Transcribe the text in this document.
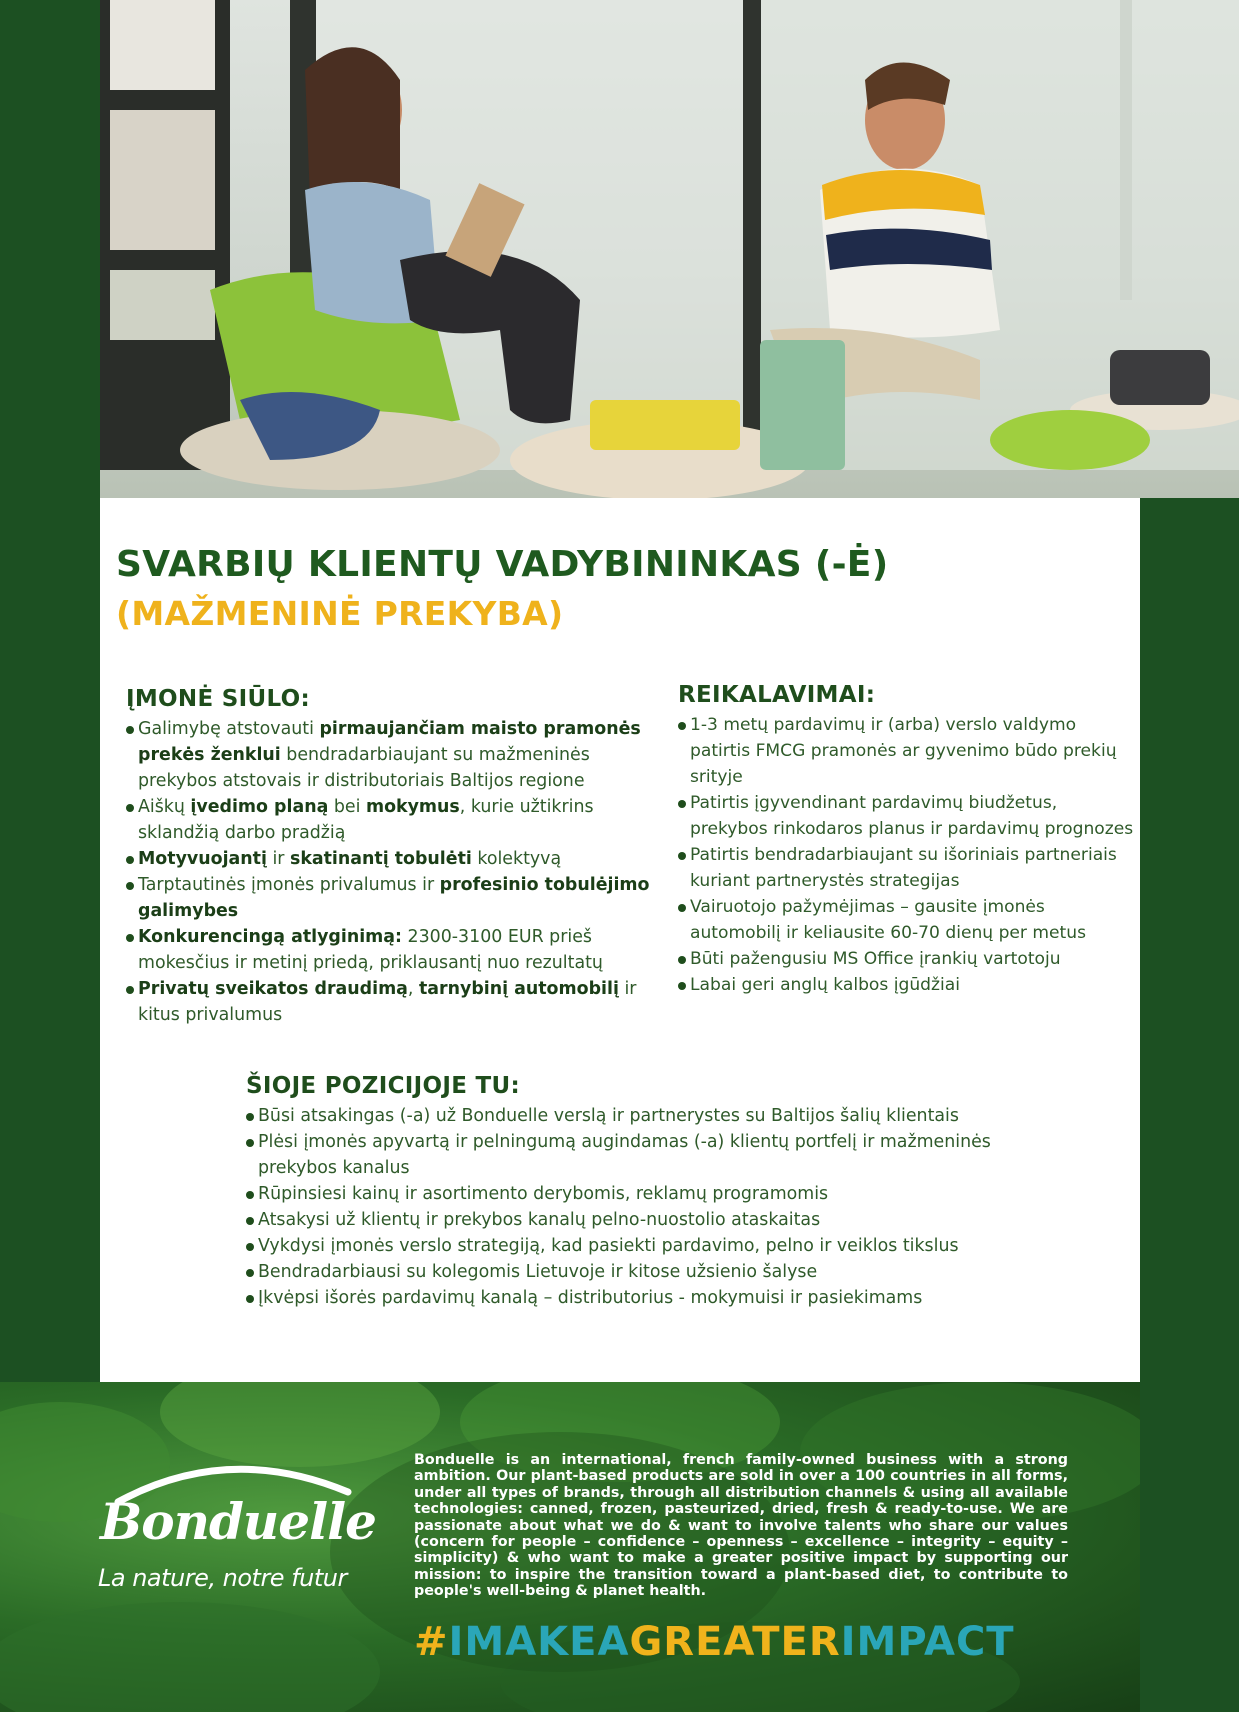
SVARBIŲ KLIENTŲ VADYBININKAS (-Ė)
(MAŽMENINĖ PREKYBA)
ĮMONĖ SIŪLO:
Galimybę atstovauti pirmaujančiam maisto pramonės prekės ženklui bendradarbiaujant su mažmeninės prekybos atstovais ir distributoriais Baltijos regione
Aiškų įvedimo planą bei mokymus, kurie užtikrins sklandžią darbo pradžią
Motyvuojantį ir skatinantį tobulėti kolektyvą
Tarptautinės įmonės privalumus ir profesinio tobulėjimo galimybes
Konkurencingą atlyginimą: 2300-3100 EUR prieš mokesčius ir metinį priedą, priklausantį nuo rezultatų
Privatų sveikatos draudimą, tarnybinį automobilį ir kitus privalumus
REIKALAVIMAI:
1-3 metų pardavimų ir (arba) verslo valdymo patirtis FMCG pramonės ar gyvenimo būdo prekių srityje
Patirtis įgyvendinant pardavimų biudžetus, prekybos rinkodaros planus ir pardavimų prognozes
Patirtis bendradarbiaujant su išoriniais partneriais kuriant partnerystės strategijas
Vairuotojo pažymėjimas – gausite įmonės automobilį ir keliausite 60-70 dienų per metus
Būti pažengusiu MS Office įrankių vartotoju
Labai geri anglų kalbos įgūdžiai
ŠIOJE POZICIJOJE TU:
Būsi atsakingas (-a) už Bonduelle verslą ir partnerystes su Baltijos šalių klientais
Plėsi įmonės apyvartą ir pelningumą augindamas (-a) klientų portfelį ir mažmeninės prekybos kanalus
Rūpinsiesi kainų ir asortimento derybomis, reklamų programomis
Atsakysi už klientų ir prekybos kanalų pelno-nuostolio ataskaitas
Vykdysi įmonės verslo strategiją, kad pasiekti pardavimo, pelno ir veiklos tikslus
Bendradarbiausi su kolegomis Lietuvoje ir kitose užsienio šalyse
Įkvėpsi išorės pardavimų kanalą – distributorius - mokymuisi ir pasiekimams

Bonduelle

La nature, notre futur

Bonduelle is an international, french family-owned business with a strong ambition. Our plant-based products are sold in over a 100 countries in all forms, under all types of brands, through all distribution channels & using all available technologies: canned, frozen, pasteurized, dried, fresh & ready-to-use. We are passionate about what we do & want to involve talents who share our values (concern for people – confidence – openness – excellence – integrity – equity – simplicity) & who want to make a greater positive impact by supporting our mission: to inspire the transition toward a plant-based diet, to contribute to people's well-being & planet health.

#IMAKEAGREATERIMPACT
